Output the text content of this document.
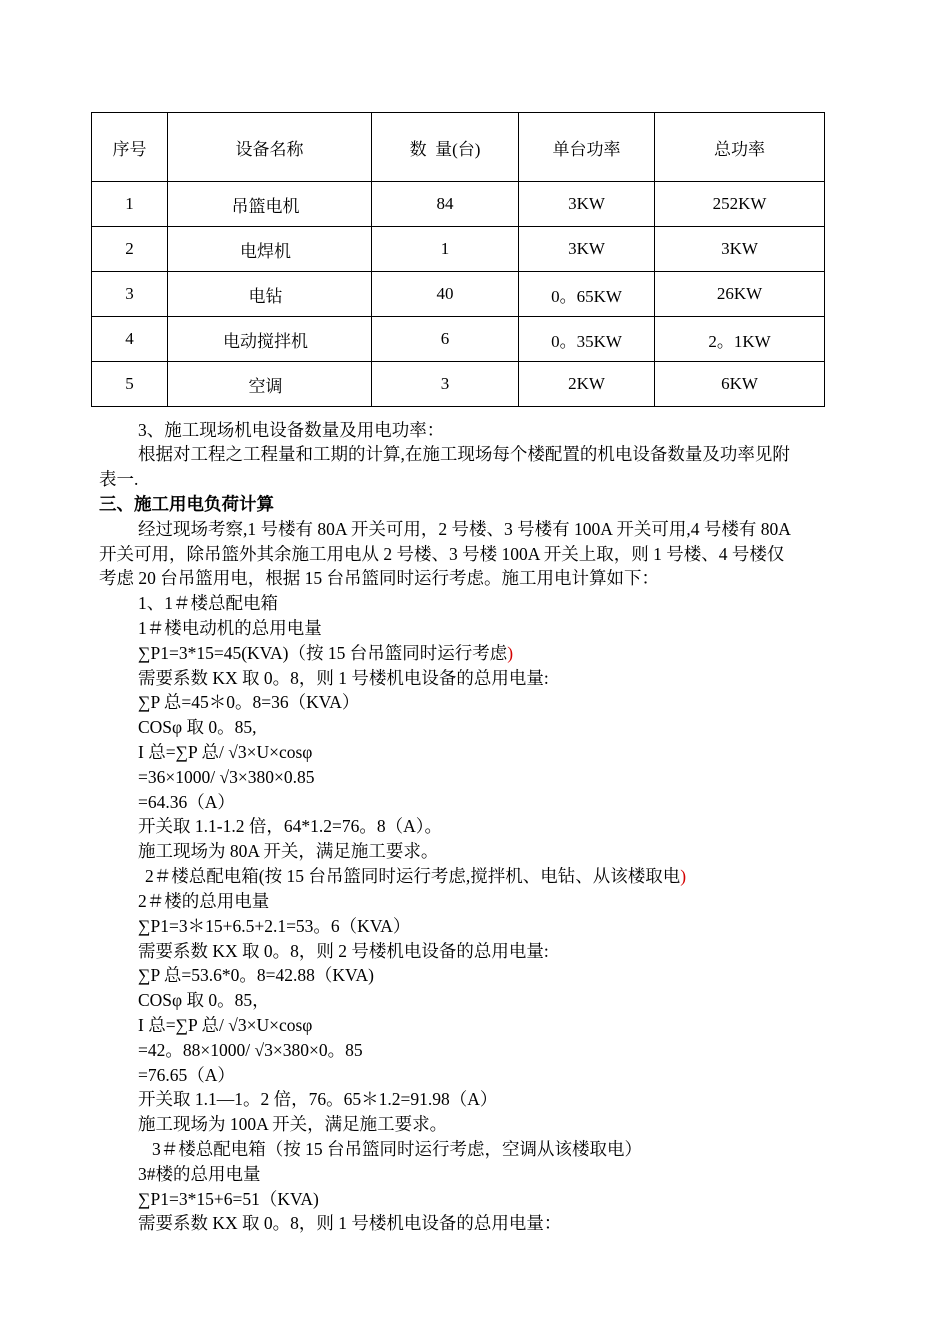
序号	设备名称	数  量(台)	单台功率	总功率
1	吊篮电机	84	3KW	252KW
2	电焊机	1	3KW	3KW
3	电钻	40	0。65KW	26KW
4	电动搅拌机	6	0。35KW	2。1KW
5	空调	3	2KW	6KW
3、施工现场机电设备数量及用电功率：
根据对工程之工程量和工期的计算,在施工现场每个楼配置的机电设备数量及功率见附
表一.
三、施工用电负荷计算
经过现场考察,1 号楼有 80A 开关可用，2 号楼、3 号楼有 100A 开关可用,4 号楼有 80A
开关可用，除吊篮外其余施工用电从 2 号楼、3 号楼 100A 开关上取，则 1 号楼、4 号楼仅
考虑 20 台吊篮用电，根据 15 台吊篮同时运行考虑。施工用电计算如下：
1、1＃楼总配电箱
1＃楼电动机的总用电量
∑P1=3*15=45(KVA)（按 15 台吊篮同时运行考虑)
需要系数 KX 取 0。8，则 1 号楼机电设备的总用电量:
∑P 总=45＊0。8=36（KVA）
COSφ 取 0。85,
I 总=∑P 总/ √3×U×cosφ
=36×1000/ √3×380×0.85
=64.36（A）
开关取 1.1-1.2 倍，64*1.2=76。8（A）。
施工现场为 80A 开关，满足施工要求。
2＃楼总配电箱(按 15 台吊篮同时运行考虑,搅拌机、电钻、从该楼取电)
2＃楼的总用电量
∑P1=3＊15+6.5+2.1=53。6（KVA）
需要系数 KX 取 0。8，则 2 号楼机电设备的总用电量:
∑P 总=53.6*0。8=42.88（KVA)
COSφ 取 0。85，
I 总=∑P 总/ √3×U×cosφ
=42。88×1000/ √3×380×0。85
=76.65（A）
开关取 1.1—1。2 倍，76。65＊1.2=91.98（A）
施工现场为 100A 开关，满足施工要求。
3＃楼总配电箱（按 15 台吊篮同时运行考虑，空调从该楼取电）
3#楼的总用电量
∑P1=3*15+6=51（KVA)
需要系数 KX 取 0。8，则 1 号楼机电设备的总用电量：
